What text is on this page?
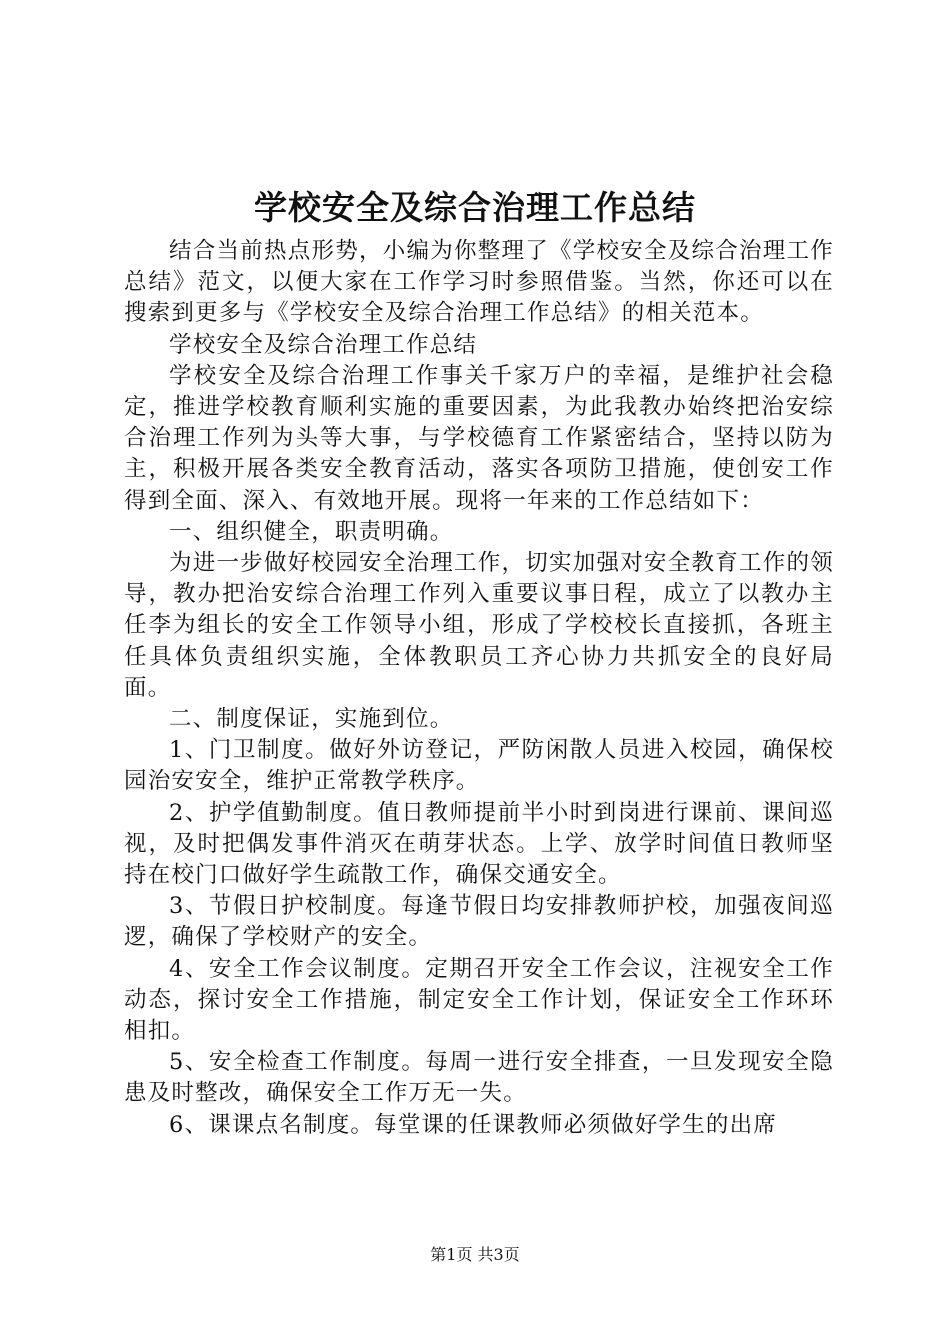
学校安全及综合治理工作总结

结合当前热点形势，小编为你整理了《学校安全及综合治理工作总结》范文，以便大家在工作学习时参照借鉴。当然，你还可以在搜索到更多与《学校安全及综合治理工作总结》的相关范本。

学校安全及综合治理工作总结

学校安全及综合治理工作事关千家万户的幸福，是维护社会稳定，推进学校教育顺利实施的重要因素，为此我教办始终把治安综合治理工作列为头等大事，与学校德育工作紧密结合，坚持以防为主，积极开展各类安全教育活动，落实各项防卫措施，使创安工作得到全面、深入、有效地开展。现将一年来的工作总结如下：

一、组织健全，职责明确。

为进一步做好校园安全治理工作，切实加强对安全教育工作的领导，教办把治安综合治理工作列入重要议事日程，成立了以教办主任李为组长的安全工作领导小组，形成了学校校长直接抓，各班主任具体负责组织实施，全体教职员工齐心协力共抓安全的良好局面。

二、制度保证，实施到位。

1、门卫制度。做好外访登记，严防闲散人员进入校园，确保校园治安安全，维护正常教学秩序。

2、护学值勤制度。值日教师提前半小时到岗进行课前、课间巡视，及时把偶发事件消灭在萌芽状态。上学、放学时间值日教师坚持在校门口做好学生疏散工作，确保交通安全。

3、节假日护校制度。每逢节假日均安排教师护校，加强夜间巡逻，确保了学校财产的安全。

4、安全工作会议制度。定期召开安全工作会议，注视安全工作动态，探讨安全工作措施，制定安全工作计划，保证安全工作环环相扣。

5、安全检查工作制度。每周一进行安全排查，一旦发现安全隐患及时整改，确保安全工作万无一失。

6、课课点名制度。每堂课的任课教师必须做好学生的出席

第1页 共3页
